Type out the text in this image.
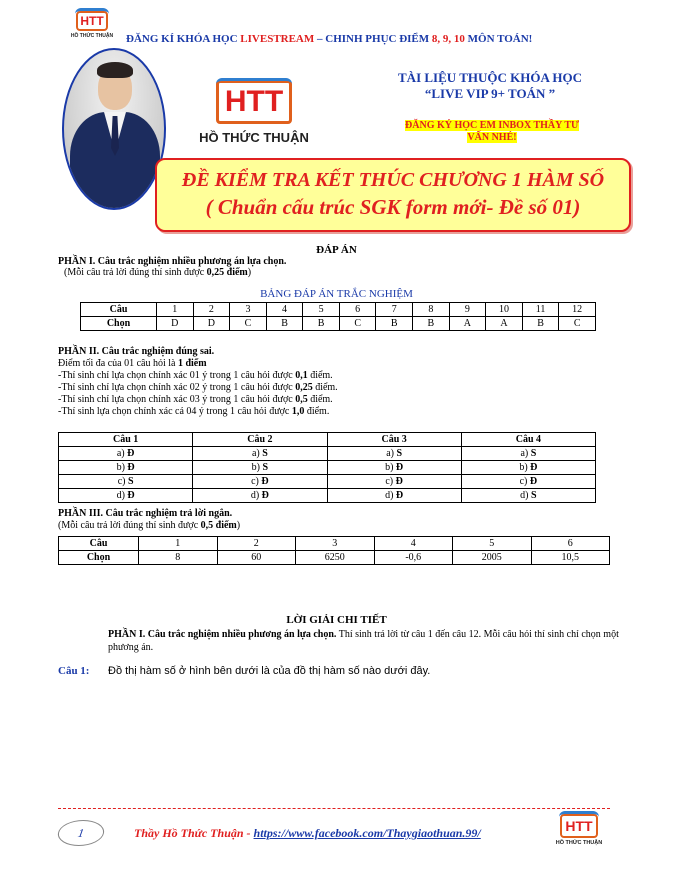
HTT
HỒ THỨC THUẬN	ĐĂNG KÍ KHÓA HỌC LIVESTREAM – CHINH PHỤC ĐIỂM 8, 9, 10 MÔN TOÁN!
HTT
HỒ THỨC THUẬN
TÀI LIỆU THUỘC KHÓA HỌC
“LIVE VIP 9+ TOÁN ”
ĐĂNG KÝ HỌC EM INBOX THẦY TƯ
VẤN NHÉ!
ĐỀ KIỂM TRA KẾT THÚC CHƯƠNG 1 HÀM SỐ
( Chuẩn cấu trúc SGK form mới- Đề số 01)
ĐÁP ÁN
PHẦN I. Câu trắc nghiệm nhiều phương án lựa chọn.
(Mỗi câu trả lời đúng thí sinh được 0,25 điểm)
BẢNG ĐÁP ÁN TRẮC NGHIỆM
Câu	1	2	3	4	5	6	7	8	9	10	11	12
Chọn	D	D	C	B	B	C	B	B	A	A	B	C
PHẦN II. Câu trắc nghiệm đúng sai.
Điểm tối đa của 01 câu hỏi là 1 điểm
-Thí sinh chỉ lựa chọn chính xác 01 ý trong 1 câu hỏi được 0,1 điểm.
-Thí sinh chỉ lựa chọn chính xác 02 ý trong 1 câu hỏi được 0,25 điểm.
-Thí sinh chỉ lựa chọn chính xác 03 ý trong 1 câu hỏi được 0,5 điểm.
-Thí sinh lựa chọn chính xác cả 04 ý trong 1 câu hỏi được 1,0 điểm.
Câu 1	Câu 2	Câu 3	Câu 4
a) Đ	a) S	a) S	a) S
b) Đ	b) S	b) Đ	b) Đ
c) S	c) Đ	c) Đ	c) Đ
d) Đ	d) Đ	d) Đ	d) S
PHẦN III. Câu trắc nghiệm trả lời ngắn.
(Mỗi câu trả lời đúng thí sinh được 0,5 điểm)
Câu	1	2	3	4	5	6
Chọn	8	60	6250	-0,6	2005	10,5
LỜI GIẢI CHI TIẾT
PHẦN I. Câu trắc nghiệm nhiều phương án lựa chọn. Thí sinh trả lời từ câu 1 đến câu 12. Mỗi câu hỏi thí sinh chỉ chọn một phương án.
Câu 1: Đồ thị hàm số ở hình bên dưới là của đồ thị hàm số nào dưới đây.
1	Thầy Hồ Thức Thuận - https://www.facebook.com/Thaygiaothuan.99/	HTT
HỒ THỨC THUẬN
